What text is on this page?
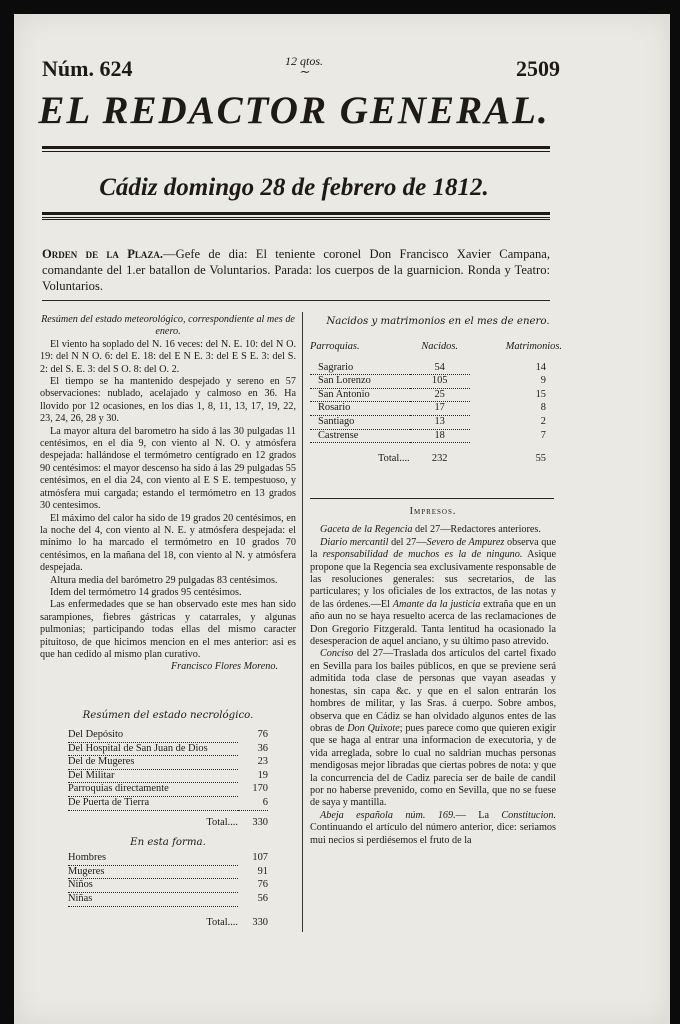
Núm. 624	12 qtos.
∼	2509
EL REDACTOR GENERAL.
Cádiz domingo 28 de febrero de 1812.
Orden de la Plaza.—Gefe de dia: El teniente coronel Don Francisco Xavier Campana, comandante del 1.er batallon de Voluntarios. Parada: los cuerpos de la guarnicion. Ronda y Teatro: Voluntarios.
Resúmen del estado meteorológico, correspondiente al mes de enero.

El viento ha soplado del N. 16 veces: del N. E. 10: del N O. 19: del N N O. 6: del E. 18: del E N E. 3: del E S E. 3: del S. 2: del S. E. 3: del S O. 8: del O. 2.

El tiempo se ha mantenido despejado y sereno en 57 observaciones: nublado, acelajado y calmoso en 36. Ha llovido por 12 ocasiones, en los dias 1, 8, 11, 13, 17, 19, 22, 23, 24, 26, 28 y 30.

La mayor altura del barometro ha sido á las 30 pulgadas 11 centésimos, en el dia 9, con viento al N. O. y atmósfera despejada: hallándose el termómetro centígrado en 12 grados 90 centésimos: el mayor descenso ha sido á las 29 pulgadas 55 centésimos, en el dia 24, con viento al E S E. tempestuoso, y atmósfera mui cargada; estando el termómetro en 13 grados 30 centesimos.

El máximo del calor ha sido de 19 grados 20 centésimos, en la noche del 4, con viento al N. E. y atmósfera despejada: el mínimo lo ha marcado el termómetro en 10 grados 70 centésimos, en la mañana del 18, con viento al N. y atmósfera despejada.

Altura media del barómetro 29 pulgadas 83 centésimos.

Idem del termómetro 14 grados 95 centésimos.

Las enfermedades que se han observado este mes han sido sarampiones, fiebres gástricas y catarrales, y algunas pulmonias; participando todas ellas del mismo caracter pituitoso, de que hicimos mencion en el mes anterior: asi es que han cedido al mismo plan curativo.

Francisco Flores Moreno.
Resúmen del estado necrológico.
Del Depósito	76
Del Hospital de San Juan de Dios	36
Del de Mugeres	23
Del Militar	19
Parroquias directamente	170
De Puerta de Tierra	6
Total....	330
En esta forma.
Hombres	107
Mugeres	91
Niños	76
Niñas	56
Total....	330
Nacidos y matrimonios en el mes de enero.
Parroquias.	Nacidos.	Matrimonios.
Sagrario	54	14
San Lorenzo	105	9
San Antonio	25	15
Rosario	17	8
Santiago	13	2
Castrense	18	7
Total....	232	55
Impresos.

Gaceta de la Regencia del 27—Redactores anteriores.

Diario mercantil del 27—Severo de Ampurez observa que la responsabilidad de muchos es la de ninguno. Asique propone que la Regencia sea exclusivamente responsable de las resoluciones generales: sus secretarios, de las particulares; y los oficiales de los extractos, de las notas y de las órdenes.—El Amante da la justicia extraña que en un año aun no se haya resuelto acerca de las reclamaciones de Don Gregorio Fitzgerald. Tanta lentitud ha ocasionado la desesperacion de aquel anciano, y su último paso atrevido.

Conciso del 27—Traslada dos artículos del cartel fixado en Sevilla para los bailes públicos, en que se previene será admitida toda clase de personas que vayan aseadas y honestas, sin capa &c. y que en el salon entrarán los hombres de militar, y las Sras. á cuerpo. Sobre ambos, observa que en Cádiz se han olvidado algunos entes de las obras de Don Quixote; pues parece como que quieren exigir que se haga al entrar una informacion de executoria, y de vida arreglada, sobre lo cual no saldrian muchas personas mendigosas mejor libradas que ciertas pobres de nota: y que la concurrencia del de Cadiz parecia ser de baile de candil por no haberse prevenido, como en Sevilla, que no se fuese de saya y mantilla.

Abeja española núm. 169.— La Constitucion. Continuando el artículo del número anterior, dice: seriamos mui necios si perdiésemos el fruto de la
